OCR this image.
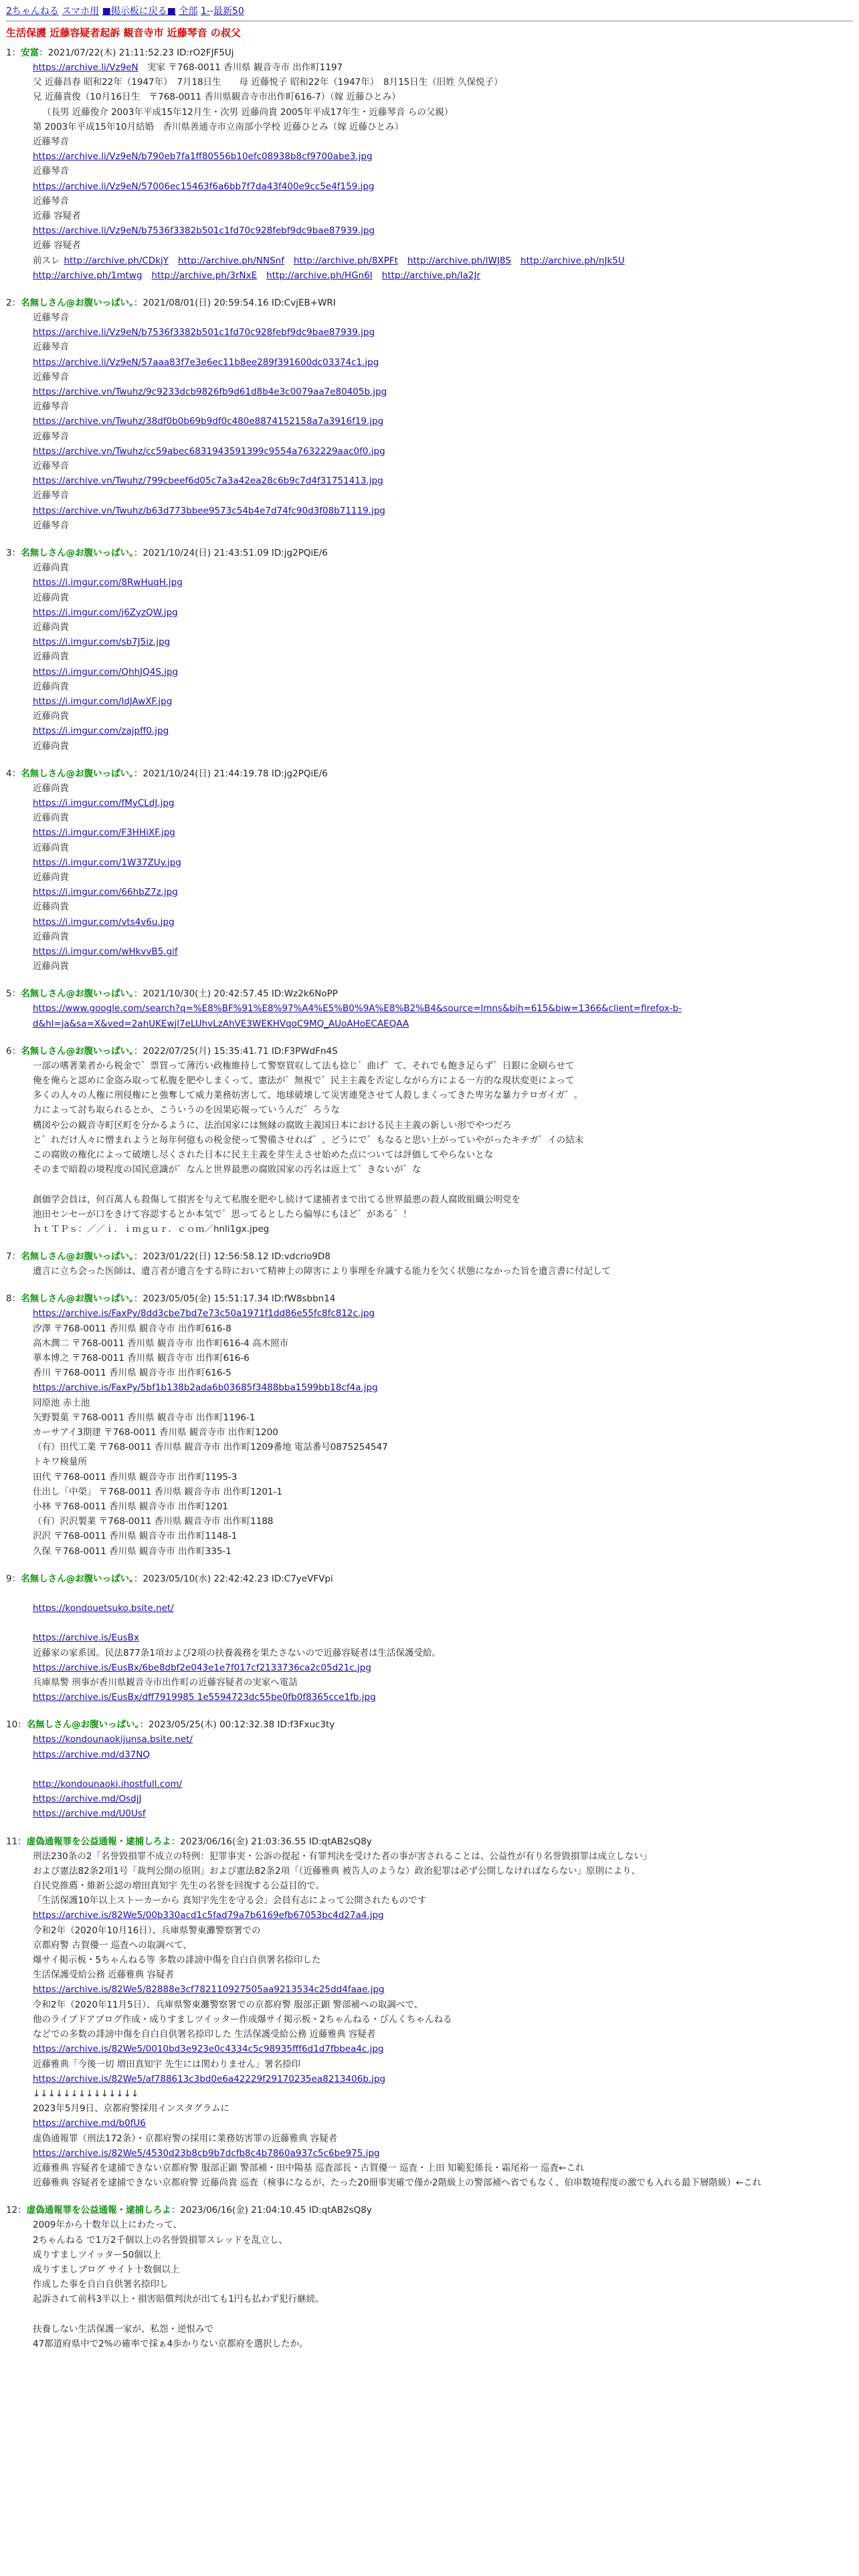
2ちゃんねる スマホ用 ■掲示板に戻る■ 全部 1--最新50
生活保護 近藤容疑者起訴 観音寺市 近藤琴音 の叔父
1：安富：2021/07/22(木) 21:11:52.23 ID:rO2FJF5Uj
https://archive.li/Vz9eN　実家 〒768-0011 香川県 観音寺市 出作町1197
父 近藤昌春 昭和22年（1947年）　7月18日生　　母 近藤悦子 昭和22年（1947年）　8月15日生（旧姓 久保悦子）
兄 近藤貴俊（10月16日生　〒768-0011 香川県観音寺市出作町616-7）（嫁 近藤ひとみ）
（長男 近藤俊介 2003年平成15年12月生・次男 近藤尚貴 2005年平成17年生・近藤琴音 らの父親）
第 2003年平成15年10月結婚　香川県善通寺市立南部小学校 近藤ひとみ（嫁 近藤ひとみ）
近藤琴音
https://archive.li/Vz9eN/b790eb7fa1ff80556b10efc08938b8cf9700abe3.jpg
近藤琴音
https://archive.li/Vz9eN/57006ec15463f6a6bb7f7da43f400e9cc5e4f159.jpg
近藤琴音
近藤 容疑者
https://archive.li/Vz9eN/b7536f3382b501c1fd70c928febf9dc9bae87939.jpg
近藤 容疑者
前スレ http://archive.ph/CDkjY http://archive.ph/NNSnf http://archive.ph/8XPFt http://archive.ph/lWJ8S http://archive.ph/nJk5U
http://archive.ph/1mtwg http://archive.ph/3rNxE http://archive.ph/HGn6I http://archive.ph/Ia2Jr
2：名無しさん@お腹いっぱい。：2021/08/01(日) 20:59:54.16 ID:CvjEB+WRI
近藤琴音
https://archive.li/Vz9eN/b7536f3382b501c1fd70c928febf9dc9bae87939.jpg
近藤琴音
https://archive.li/Vz9eN/57aaa83f7e3e6ec11b8ee289f391600dc03374c1.jpg
近藤琴音
https://archive.vn/Twuhz/9c9233dcb9826fb9d61d8b4e3c0079aa7e80405b.jpg
近藤琴音
https://archive.vn/Twuhz/38df0b0b69b9df0c480e8874152158a7a3916f19.jpg
近藤琴音
https://archive.vn/Twuhz/cc59abec6831943591399c9554a7632229aac0f0.jpg
近藤琴音
https://archive.vn/Twuhz/799cbeef6d05c7a3a42ea28c6b9c7d4f31751413.jpg
近藤琴音
https://archive.vn/Twuhz/b63d773bbee9573c54b4e7d74fc90d3f08b71119.jpg
近藤琴音
3：名無しさん@お腹いっぱい。：2021/10/24(日) 21:43:51.09 ID:jg2PQiE/6
近藤尚貴
https://i.imgur.com/8RwHuqH.jpg
近藤尚貴
https://i.imgur.com/j6ZyzQW.jpg
近藤尚貴
https://i.imgur.com/sb7J5iz.jpg
近藤尚貴
https://i.imgur.com/QhhJQ4S.jpg
近藤尚貴
https://i.imgur.com/ldJAwXF.jpg
近藤尚貴
https://i.imgur.com/zajpff0.jpg
近藤尚貴
4：名無しさん@お腹いっぱい。：2021/10/24(日) 21:44:19.78 ID:jg2PQiE/6
近藤尚貴
https://i.imgur.com/fMyCLdJ.jpg
近藤尚貴
https://i.imgur.com/F3HHiXF.jpg
近藤尚貴
https://i.imgur.com/1W37ZUy.jpg
近藤尚貴
https://i.imgur.com/66hbZ7z.jpg
近藤尚貴
https://i.imgur.com/vts4v6u.jpg
近藤尚貴
https://i.imgur.com/wHkvvB5.gif
近藤尚貴
5：名無しさん@お腹いっぱい。：2021/10/30(土) 20:42:57.45 ID:Wz2k6NoPP
https://www.google.com/search?q=%E8%BF%91%E8%97%A4%E5%B0%9A%E8%B2%B4&source=lmns&bih=615&biw=1366&client=firefox-b-d&hl=ja&sa=X&ved=2ahUKEwjl7eLUhvLzAhVE3WEKHVqoC9MQ_AUoAHoECAEQAA
6：名無しさん@お腹いっぱい。：2022/07/25(月) 15:35:41.71 ID:F3PWdFn4S
一部の嗜著業者から税金で゛票買って薄汚い政権維持して警察買収して法も捻じ゛曲げ゛て、それでも飽き足らず゛日銀に金刷らせて
俺を俺らと認めに金盗み取って私腹を肥やしまくって、憲法が゛無視で゛民主主義を否定しながら方による一方的な現状変更によって
多くの人々の人権に刑侵権にと強奪して威力業務妨害して、地球破壊して災害連発させて人殺しまくってきた卑劣な暴力テロガイガ゛。
力によって討ち取られるとか、こういうのを因果応報っていうんだ゛ろうな
構図や公の観音寺町区町を分かるように、法治国家には無縁の腐敗主義国日本における民主主義の新しい形でやつだろ
と゛れだけ人々に憎まれようと毎年何億もの税金使って警備させれば゛、どうにで゛もなると思い上がっていやがったキチガ゛イの結末
この腐敗の権化によって破壊し尽くされた日本に民主主義を芽生えさせ始めた点については評価してやらないとな
そのまで暗殺の境程度の国民意識が゛なんと世界最悪の腐敗国家の汚名は返上て゛きないが゛な
創価学会員は，何百萬人も殺傷して損害を与えて私腹を肥やし続けて逮捕者まで出てる世界最悪の殺人腐敗組織公明党を
池田センセーが口をきけて容認するとか本気で゛思ってるとしたら偏辱にもほど゛がある゛！
ｈｔＴＰｓ：／／ｉ．ｉｍｇｕｒ．ｃｏｍ／hnli1gx.jpeg
7：名無しさん@お腹いっぱい。：2023/01/22(日) 12:56:58.12 ID:vdcrio9D8
遺言に立ち会った医師は、遺言者が遺言をする時において精神上の障害により事理を弁識する能力を欠く状態になかった旨を遺言書に付記して
8：名無しさん@お腹いっぱい。：2023/05/05(金) 15:51:17.34 ID:fW8sbbn14
https://archive.is/FaxPy/8dd3cbe7bd7e73c50a1971f1dd86e55fc8fc812c.jpg
汐澤 〒768-0011 香川県 観音寺市 出作町616-8
高木潤二 〒768-0011 香川県 観音寺市 出作町616-4 高木照市
華本博之 〒768-0011 香川県 観音寺市 出作町616-6
香川 〒768-0011 香川県 観音寺市 出作町616-5
https://archive.is/FaxPy/5bf1b138b2ada6b03685f3488bba1599bb18cf4a.jpg
同原池 赤土池
矢野製菓 〒768-0011 香川県 観音寺市 出作町1196-1
カーサアイ3期建 〒768-0011 香川県 観音寺市 出作町1200
（有）田代工業 〒768-0011 香川県 観音寺市 出作町1209番地 電話番号0875254547
トキワ検量所
田代 〒768-0011 香川県 観音寺市 出作町1195-3
仕出し「中榮」 〒768-0011 香川県 観音寺市 出作町1201-1
小林 〒768-0011 香川県 観音寺市 出作町1201
（有）沢沢製業 〒768-0011 香川県 観音寺市 出作町1188
沢沢 〒768-0011 香川県 観音寺市 出作町1148-1
久保 〒768-0011 香川県 観音寺市 出作町335-1
9：名無しさん@お腹いっぱい。：2023/05/10(水) 22:42:42.23 ID:C7yeVFVpi
https://kondouetsuko.bsite.net/
https://archive.is/EusBx
近藤家の家系図。民法877条1項および2項の扶養義務を果たさないので近藤容疑者は生活保護受給。
https://archive.is/EusBx/6be8dbf2e043e1e7f017cf2133736ca2c05d21c.jpg
兵庫県警 刑事が香川県観音寺市出作町の近藤容疑者の実家へ電話
https://archive.is/EusBx/dff7919985 1e5594723dc55be0fb0f8365cce1fb.jpg
10：名無しさん@お腹いっぱい。：2023/05/25(木) 00:12:32.38 ID:f3Fxuc3ty
https://kondounaokijunsa.bsite.net/
https://archive.md/d37NQ
http://kondounaoki.ihostfull.com/
https://archive.md/OsdjJ
https://archive.md/U0Usf
11：虚偽通報罪を公益通報・逮捕しろよ：2023/06/16(金) 21:03:36.55 ID:qtAB2sQ8y
刑法230条の2「名誉毀損罪不成立の特例：犯罪事実・公訴の提起・有罪判決を受けた者の事が害されることは、公益性が有り名誉毀損罪は成立しない」
および憲法82条2項1号「裁判公開の原則」および憲法82条2項「（近藤雅典 被告人のような）政治犯罪は必ず公開しなければならない」原則により、
自民党推薦・維新公認の増田真知宇 先生の名誉を回復する公益目的で。
「生活保護10年以上ストーカーから 真知宇先生を守る会」会員有志によって公開されたものです
https://archive.is/82We5/00b330acd1c5fad79a7b6169efb67053bc4d27a4.jpg
令和2年（2020年10月16日）、兵庫県警東灘警察署での
京都府警 古賀優一 巡査への取調べて、
爆サイ掲示板・5ちゃんねる等 多数の誹謗中傷を自白自供署名捺印した
生活保護受給公務 近藤雅典 容疑者
https://archive.is/82We5/82888e3cf782110927505aa9213534c25dd4faae.jpg
令和2年（2020年11月5日）、兵庫県警東灘警察署での京都府警 服部正顕 警部補への取調べで、
他のライブドアブログ作成・成りすましツイッター作成爆サイ掲示板・2ちゃんねる・びんくちゃんねる
などでの多数の誹謗中傷を自白自供署名捺印した 生活保護受給公務 近藤雅典 容疑者
https://archive.is/82We5/0010bd3e923e0c4334c5c98935fff6d1d7fbbea4c.jpg
近藤雅典「今後一切 増田真知宇 先生には関わりません」署名捺印
https://archive.is/82We5/af788613c3bd0e6a42229f29170235ea8213406b.jpg
↓↓↓↓↓↓↓↓↓↓↓↓↓↓
2023年5月9日、京都府警採用インスタグラムに
https://archive.md/b0fU6
虚偽通報罪（刑法172条）・京都府警の採用に業務妨害罪の近藤雅典 容疑者
https://archive.is/82We5/4530d23b8cb9b7dcfb8c4b7860a937c5c6be975.jpg
近藤雅典 容疑者を逮捕できない京都府警 服部正顕 警部補・田中陽基 巡査部長・古賀優一 巡査・上田 知範犯係長・霜尾裕一 巡査←これ
近藤雅典 容疑者を逮捕できない京都府警 近藤尚貴 巡査（検事になるが、たった20冊事実確で僅か2階級上の警部補へ省でもなく、伯串数境程度の激でも入れる最下層階級）←これ
12：虚偽通報罪を公益通報・逮捕しろよ：2023/06/16(金) 21:04:10.45 ID:qtAB2sQ8y
2009年から十数年以上にわたって、
2ちゃんねる で1万2千個以上の名誉毀損罪スレッドを乱立し、
成りすましツイッター50個以上
成りすましブログ サイト十数個以上
作成した事を自白自供署名捺印し
起訴されて前科3半以上・損害賠償判決が出ても1円も払わず犯行継続。
扶養しない生活保護一家が、私怨・逆恨みで
47都道府県中で2%の確率で採ぁ4歩かりない京都府を選択したか。
